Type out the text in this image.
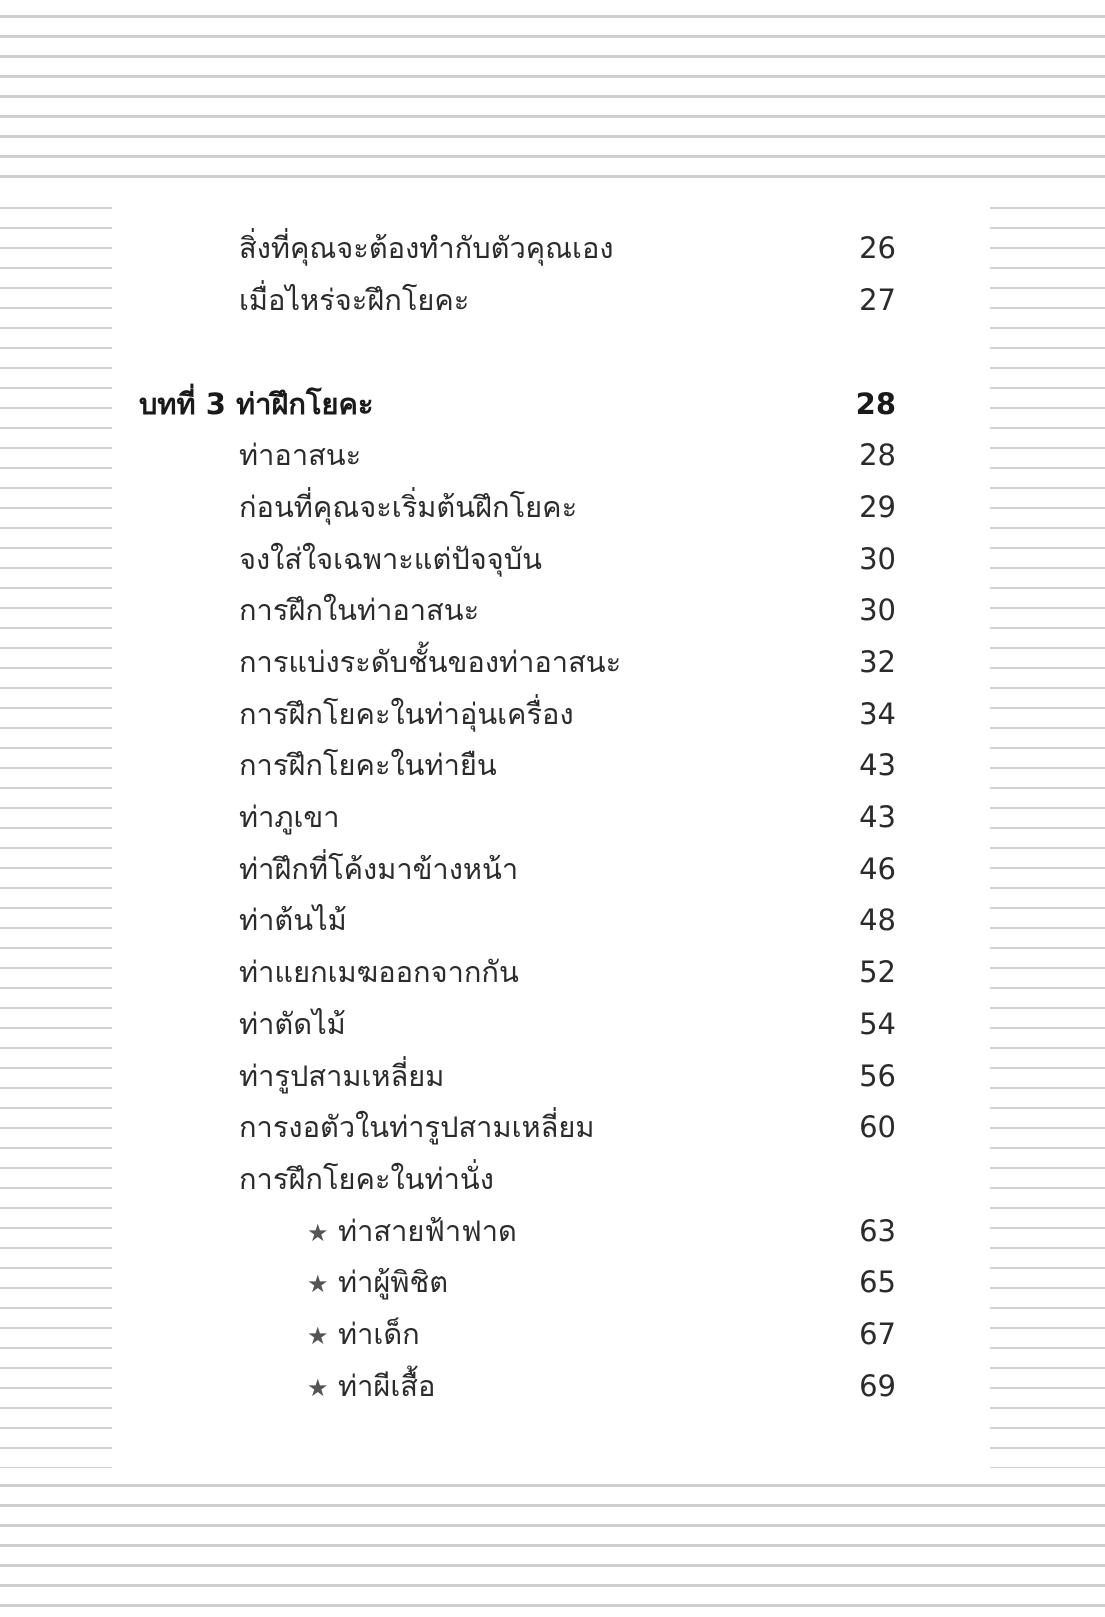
สิ่งที่คุณจะต้องทำกับตัวคุณเอง	26
เมื่อไหร่จะฝึกโยคะ	27
บทที่ 3 ท่าฝึกโยคะ	28
ท่าอาสนะ	28
ก่อนที่คุณจะเริ่มต้นฝึกโยคะ	29
จงใส่ใจเฉพาะแต่ปัจจุบัน	30
การฝึกในท่าอาสนะ	30
การแบ่งระดับชั้นของท่าอาสนะ	32
การฝึกโยคะในท่าอุ่นเครื่อง	34
การฝึกโยคะในท่ายืน	43
ท่าภูเขา	43
ท่าฝึกที่โค้งมาข้างหน้า	46
ท่าต้นไม้	48
ท่าแยกเมฆออกจากกัน	52
ท่าตัดไม้	54
ท่ารูปสามเหลี่ยม	56
การงอตัวในท่ารูปสามเหลี่ยม	60
การฝึกโยคะในท่านั่ง
★ ท่าสายฟ้าฟาด	63
★ ท่าผู้พิชิต	65
★ ท่าเด็ก	67
★ ท่าผีเสื้อ	69
